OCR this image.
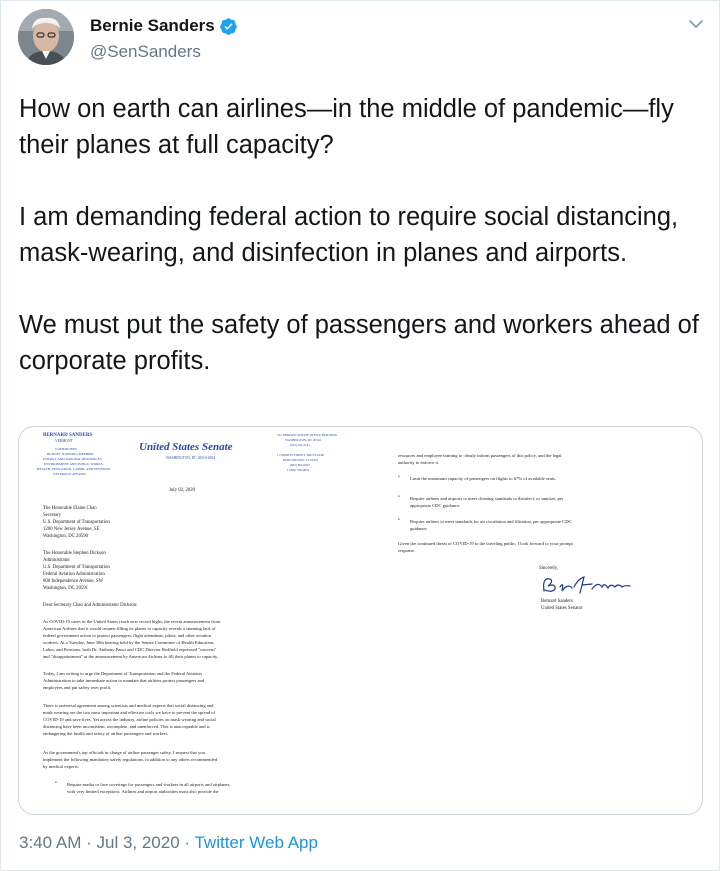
Bernie Sanders
@SenSanders

How on earth can airlines—in the middle of pandemic—fly their planes at full capacity?

I am demanding federal action to require social distancing, mask-wearing, and disinfection in planes and airports.

We must put the safety of passengers and workers ahead of corporate profits.

BERNARD SANDERS
VERMONT
COMMITTEES
BUDGET, RANKING MEMBER
ENERGY AND NATURAL RESOURCES
ENVIRONMENT AND PUBLIC WORKS
HEALTH, EDUCATION, LABOR, AND PENSIONS
VETERANS' AFFAIRS
United States Senate
WASHINGTON, DC 20510-4504
332 DIRKSEN SENATE OFFICE BUILDING
WASHINGTON, DC 20510
(202) 224-5141
1 CHURCH STREET, 3RD FLOOR
BURLINGTON, VT 05401
(802) 862-0697
1 (800) 339-9834
July 02, 2020
The Honorable Elaine Chao
Secretary
U.S. Department of Transportation
1200 New Jersey Avenue, SE
Washington, DC 20590
The Honorable Stephen Dickson
Administrator
U.S. Department of Transportation
Federal Aviation Administration
800 Independence Avenue, SW
Washington, DC 20591
Dear Secretary Chao and Administrator Dickson:
As COVID-19 cases in the United States reach new record highs, the recent announcement from
American Airlines that it would resume filling its planes to capacity reveals a stunning lack of
federal government action to protect passengers, flight attendants, pilots, and other aviation
workers. At a Tuesday, June 30th hearing held by the Senate Committee of Health Education,
Labor, and Pensions, both Dr. Anthony Fauci and CDC Director Redfield expressed "concern"
and "disappointment" at the announcement by American Airlines to fill their planes to capacity.
Today, I am writing to urge the Department of Transportation and the Federal Aviation
Administration to take immediate action to mandate that airlines protect passengers and
employees and put safety over profit.
There is universal agreement among scientists and medical experts that social distancing and
mask wearing are the two most important and effective tools we have to prevent the spread of
COVID-19 and save lives. Yet across the industry, airline policies on mask wearing and social
distancing have been inconsistent, incomplete, and unenforced. This is unacceptable and is
endangering the health and safety of airline passengers and workers.
As the government's top officials in charge of airline passenger safety, I request that you
implement the following mandatory safety regulations, in addition to any others recommended
by medical experts:
• Require masks or face coverings for passengers and workers in all airports and airplanes,
with very limited exceptions. Airlines and airport authorities must also provide the
resources and employee training to clearly inform passengers of this policy, and the legal
authority to enforce it.
• Limit the maximum capacity of passengers on flights to 67% of available seats.
• Require airlines and airports to meet cleaning standards to disinfect, or sanitize, per
appropriate CDC guidance.
• Require airlines to meet standards for air circulation and filtration, per appropriate CDC
guidance.
Given the continued threat of COVID-19 to the traveling public, I look forward to your prompt
response.
Sincerely,
Bernard Sanders
United States Senator
3:40 AM · Jul 3, 2020 · Twitter Web App
